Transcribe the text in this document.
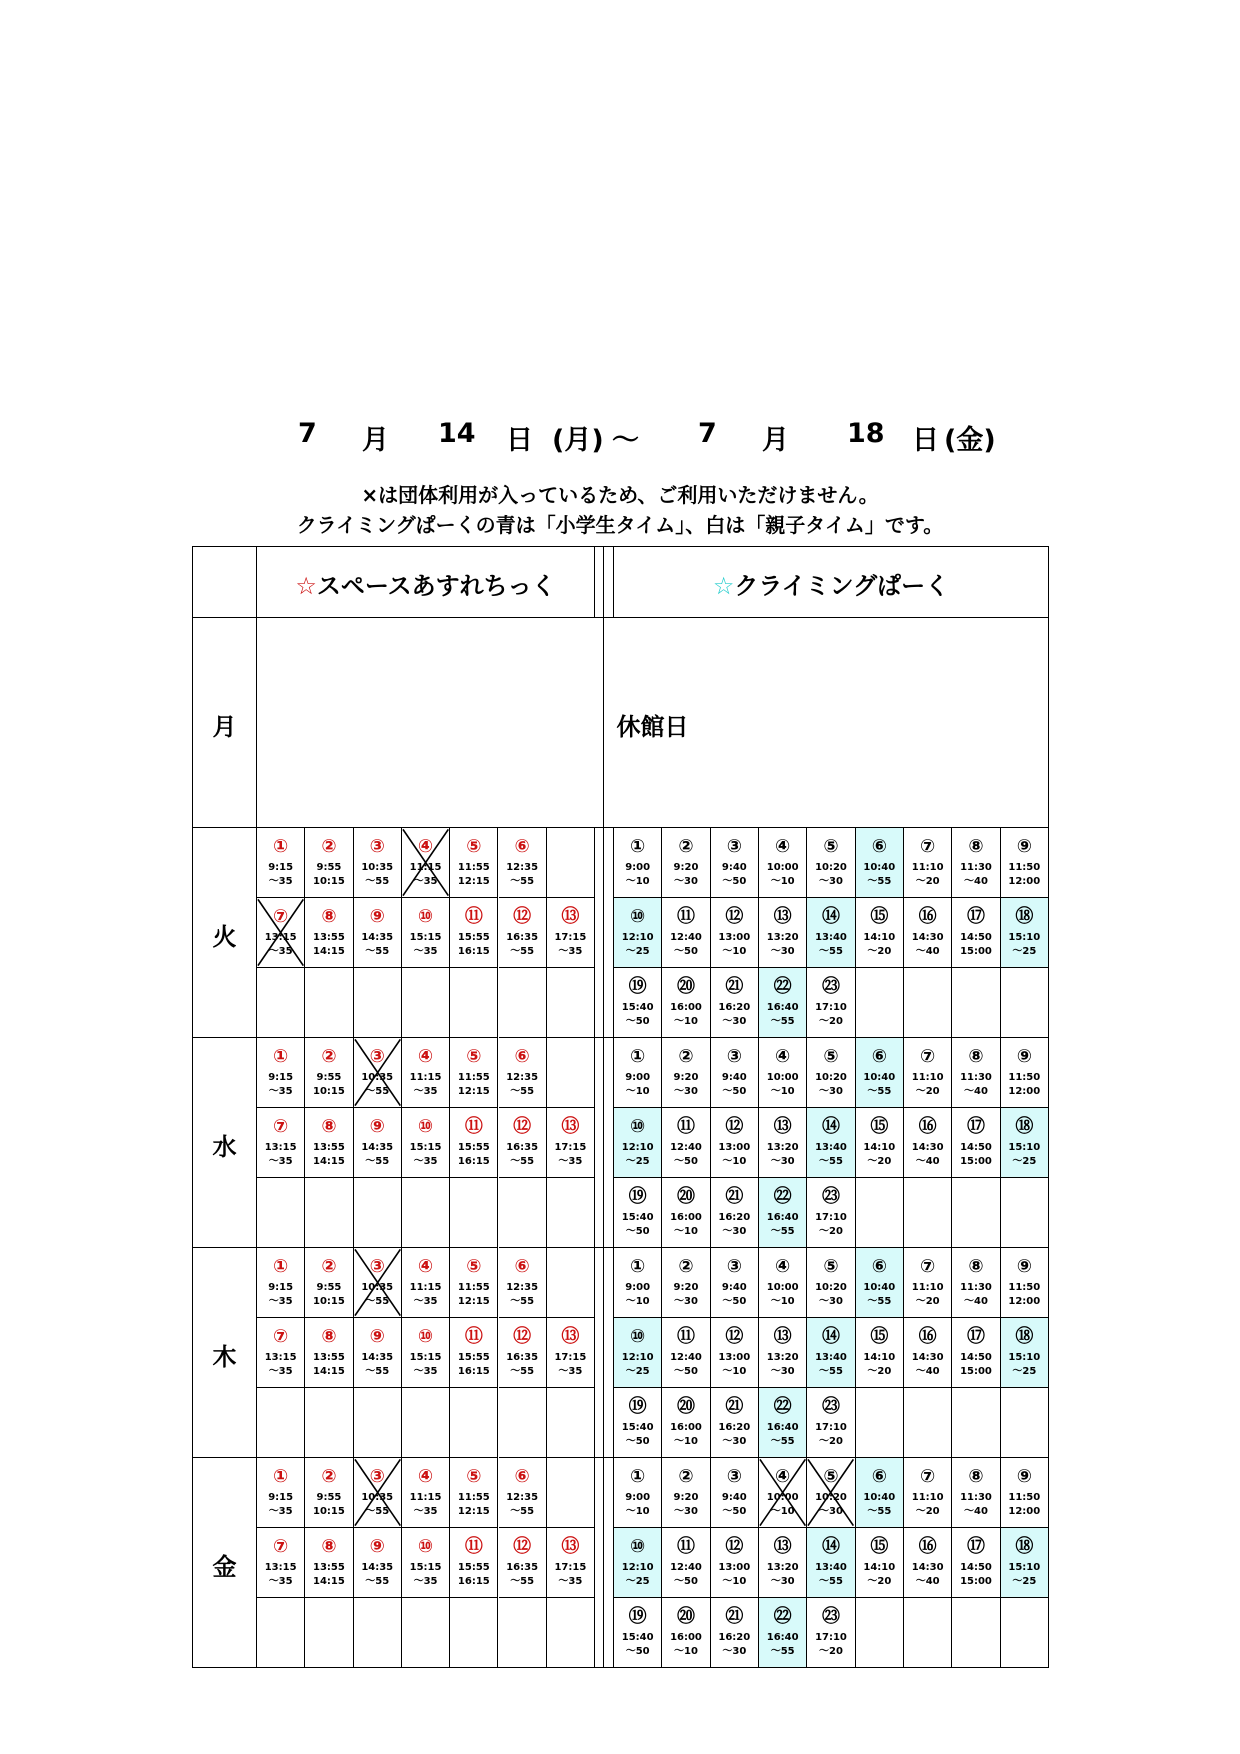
7 月 14 日 (月) ～ 7 月 18 日 (金)
×は団体利用が入っているため、ご利用いただけません。
クライミングぱーくの青は「小学生タイム」、白は「親子タイム」です。
☆スペースあすれちっく	☆クライミングぱーく
月	休館日
火
①
9:15
～35
②
9:55
10:15
③
10:35
～55
④
11:15
～35
⑤
11:55
12:15
⑥
12:35
～55
⑦
13:15
～35
⑧
13:55
14:15
⑨
14:35
～55
⑩
15:15
～35
⑪
15:55
16:15
⑫
16:35
～55
⑬
17:15
～35
①
9:00
～10
②
9:20
～30
③
9:40
～50
④
10:00
～10
⑤
10:20
～30
⑥
10:40
～55
⑦
11:10
～20
⑧
11:30
～40
⑨
11:50
12:00
⑩
12:10
～25
⑪
12:40
～50
⑫
13:00
～10
⑬
13:20
～30
⑭
13:40
～55
⑮
14:10
～20
⑯
14:30
～40
⑰
14:50
15:00
⑱
15:10
～25
⑲
15:40
～50
⑳
16:00
～10
㉑
16:20
～30
㉒
16:40
～55
㉓
17:10
～20
水
①
9:15
～35
②
9:55
10:15
③
10:35
～55
④
11:15
～35
⑤
11:55
12:15
⑥
12:35
～55
⑦
13:15
～35
⑧
13:55
14:15
⑨
14:35
～55
⑩
15:15
～35
⑪
15:55
16:15
⑫
16:35
～55
⑬
17:15
～35
①
9:00
～10
②
9:20
～30
③
9:40
～50
④
10:00
～10
⑤
10:20
～30
⑥
10:40
～55
⑦
11:10
～20
⑧
11:30
～40
⑨
11:50
12:00
⑩
12:10
～25
⑪
12:40
～50
⑫
13:00
～10
⑬
13:20
～30
⑭
13:40
～55
⑮
14:10
～20
⑯
14:30
～40
⑰
14:50
15:00
⑱
15:10
～25
⑲
15:40
～50
⑳
16:00
～10
㉑
16:20
～30
㉒
16:40
～55
㉓
17:10
～20
木
①
9:15
～35
②
9:55
10:15
③
10:35
～55
④
11:15
～35
⑤
11:55
12:15
⑥
12:35
～55
⑦
13:15
～35
⑧
13:55
14:15
⑨
14:35
～55
⑩
15:15
～35
⑪
15:55
16:15
⑫
16:35
～55
⑬
17:15
～35
①
9:00
～10
②
9:20
～30
③
9:40
～50
④
10:00
～10
⑤
10:20
～30
⑥
10:40
～55
⑦
11:10
～20
⑧
11:30
～40
⑨
11:50
12:00
⑩
12:10
～25
⑪
12:40
～50
⑫
13:00
～10
⑬
13:20
～30
⑭
13:40
～55
⑮
14:10
～20
⑯
14:30
～40
⑰
14:50
15:00
⑱
15:10
～25
⑲
15:40
～50
⑳
16:00
～10
㉑
16:20
～30
㉒
16:40
～55
㉓
17:10
～20
金
①
9:15
～35
②
9:55
10:15
③
10:35
～55
④
11:15
～35
⑤
11:55
12:15
⑥
12:35
～55
⑦
13:15
～35
⑧
13:55
14:15
⑨
14:35
～55
⑩
15:15
～35
⑪
15:55
16:15
⑫
16:35
～55
⑬
17:15
～35
①
9:00
～10
②
9:20
～30
③
9:40
～50
④
10:00
～10
⑤
10:20
～30
⑥
10:40
～55
⑦
11:10
～20
⑧
11:30
～40
⑨
11:50
12:00
⑩
12:10
～25
⑪
12:40
～50
⑫
13:00
～10
⑬
13:20
～30
⑭
13:40
～55
⑮
14:10
～20
⑯
14:30
～40
⑰
14:50
15:00
⑱
15:10
～25
⑲
15:40
～50
⑳
16:00
～10
㉑
16:20
～30
㉒
16:40
～55
㉓
17:10
～20
